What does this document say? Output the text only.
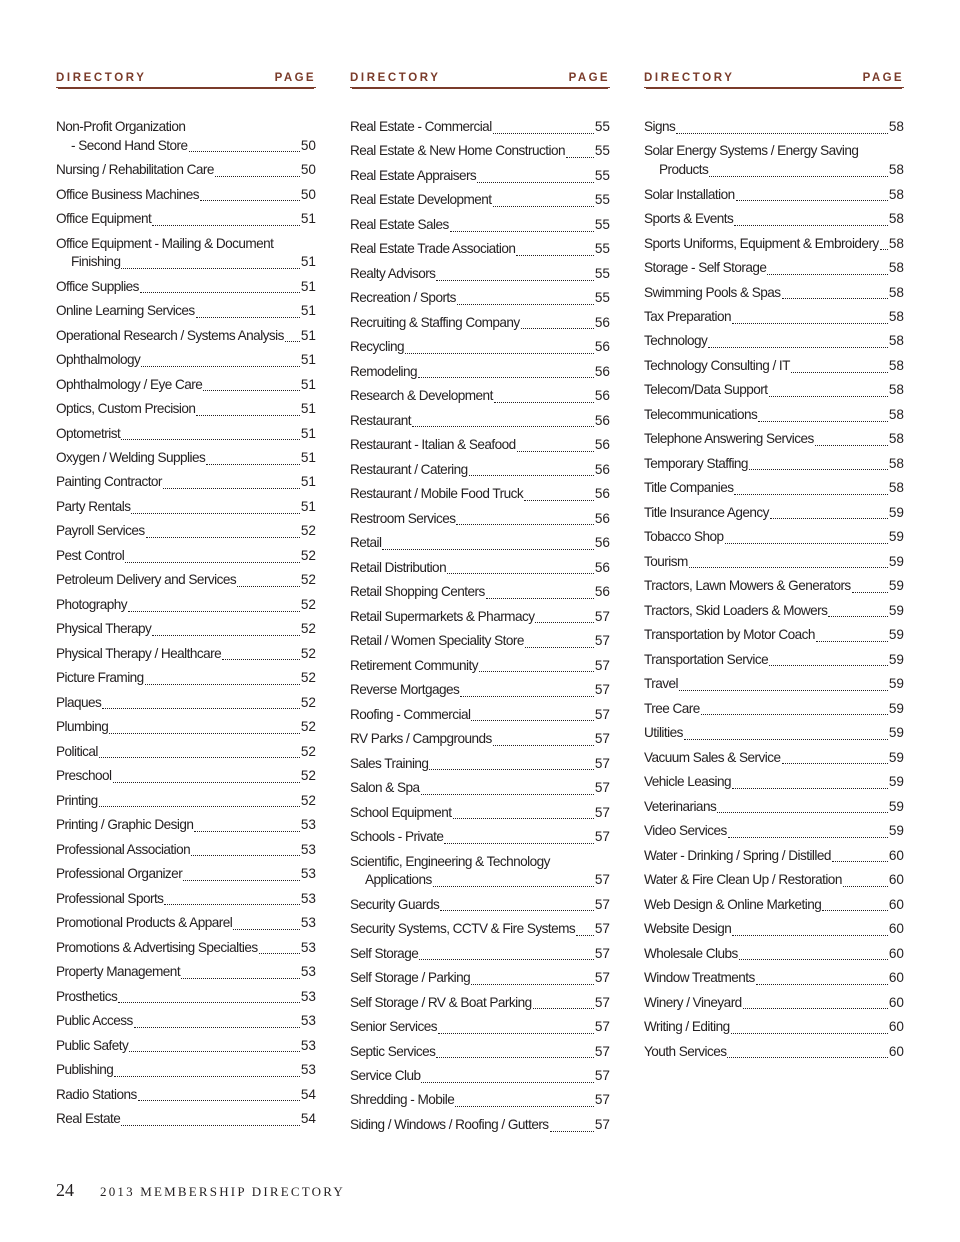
DIRECTORY	PAGE
Non-Profit Organization
- Second Hand Store	50
Nursing / Rehabilitation Care	50
Office Business Machines	50
Office Equipment	51
Office Equipment - Mailing & Document
Finishing	51
Office Supplies	51
Online Learning Services	51
Operational Research / Systems Analysis 51
Ophthalmology	51
Ophthalmology / Eye Care	51
Optics, Custom Precision	51
Optometrist	51
Oxygen / Welding Supplies	51
Painting Contractor	51
Party Rentals	51
Payroll Services	52
Pest Control	52
Petroleum Delivery and Services	52
Photography	52
Physical Therapy	52
Physical Therapy / Healthcare	52
Picture Framing	52
Plaques	52
Plumbing	52
Political	52
Preschool	52
Printing	52
Printing / Graphic Design	53
Professional Association	53
Professional Organizer	53
Professional Sports	53
Promotional Products & Apparel	53
Promotions & Advertising Specialties	53
Property Management	53
Prosthetics	53
Public Access	53
Public Safety	53
Publishing	53
Radio Stations	54
Real Estate	54
DIRECTORY	PAGE
Real Estate - Commercial	55
Real Estate & New Home Construction 55
Real Estate Appraisers	55
Real Estate Development	55
Real Estate Sales	55
Real Estate Trade Association	55
Realty Advisors	55
Recreation / Sports	55
Recruiting & Staffing Company	56
Recycling	56
Remodeling	56
Research & Development	56
Restaurant	56
Restaurant - Italian & Seafood	56
Restaurant / Catering	56
Restaurant / Mobile Food Truck	56
Restroom Services	56
Retail	56
Retail Distribution	56
Retail Shopping Centers	56
Retail Supermarkets & Pharmacy	57
Retail / Women Speciality Store	57
Retirement Community	57
Reverse Mortgages	57
Roofing - Commercial	57
RV Parks / Campgrounds	57
Sales Training	57
Salon & Spa	57
School Equipment	57
Schools - Private	57
Scientific, Engineering & Technology
Applications	57
Security Guards	57
Security Systems, CCTV & Fire Systems 57
Self Storage	57
Self Storage / Parking	57
Self Storage / RV & Boat Parking	57
Senior Services	57
Septic Services	57
Service Club	57
Shredding - Mobile	57
Siding / Windows / Roofing / Gutters	57
DIRECTORY	PAGE
Signs	58
Solar Energy Systems / Energy Saving
Products	58
Solar Installation	58
Sports & Events	58
Sports Uniforms, Equipment & Embroidery 58
Storage - Self Storage	58
Swimming Pools & Spas	58
Tax Preparation	58
Technology	58
Technology Consulting / IT	58
Telecom/Data Support	58
Telecommunications	58
Telephone Answering Services	58
Temporary Staffing	58
Title Companies	58
Title Insurance Agency	59
Tobacco Shop	59
Tourism	59
Tractors, Lawn Mowers & Generators	59
Tractors, Skid Loaders & Mowers	59
Transportation by Motor Coach	59
Transportation Service	59
Travel	59
Tree Care	59
Utilities	59
Vacuum Sales & Service	59
Vehicle Leasing	59
Veterinarians	59
Video Services	59
Water - Drinking / Spring / Distilled	60
Water & Fire Clean Up / Restoration	60
Web Design & Online Marketing	60
Website Design	60
Wholesale Clubs	60
Window Treatments	60
Winery / Vineyard	60
Writing / Editing	60
Youth Services	60
24 2013 MEMBERSHIP DIRECTORY
